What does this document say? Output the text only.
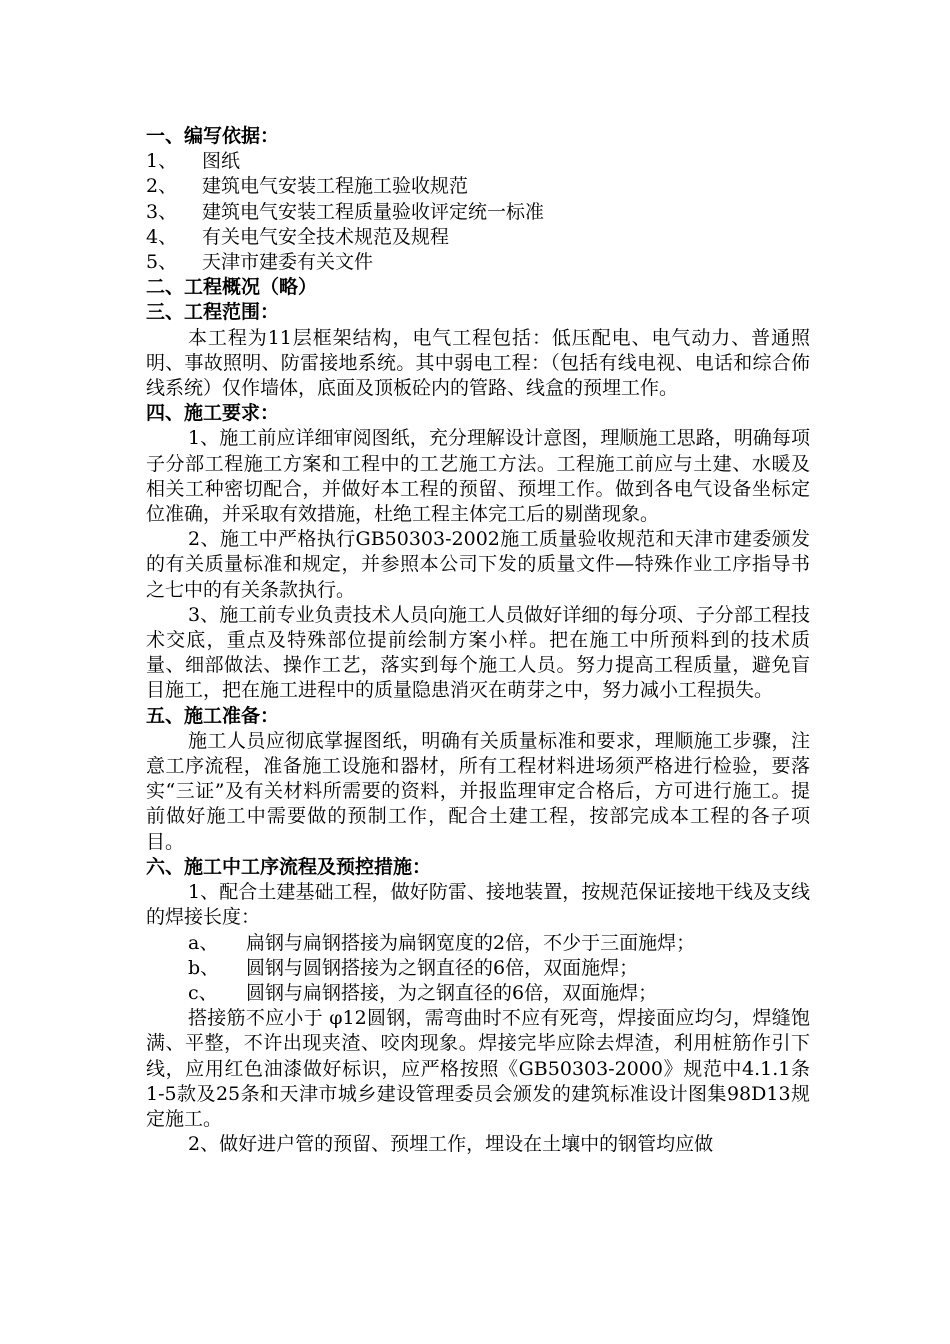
一、编写依据：

1、	图纸

2、	建筑电气安装工程施工验收规范

3、	建筑电气安装工程质量验收评定统一标准

4、	有关电气安全技术规范及规程

5、	天津市建委有关文件

二、工程概况（略）

三、工程范围：

本工程为11层框架结构，电气工程包括：低压配电、电气动力、普通照明、事故照明、防雷接地系统。其中弱电工程：（包括有线电视、电话和综合佈线系统）仅作墙体，底面及顶板砼内的管路、线盒的预埋工作。

四、施工要求：

1、施工前应详细审阅图纸，充分理解设计意图，理顺施工思路，明确每项子分部工程施工方案和工程中的工艺施工方法。工程施工前应与土建、水暖及相关工种密切配合，并做好本工程的预留、预埋工作。做到各电气设备坐标定位准确，并采取有效措施，杜绝工程主体完工后的剔凿现象。

2、施工中严格执行GB50303-2002施工质量验收规范和天津市建委颁发的有关质量标准和规定，并参照本公司下发的质量文件—特殊作业工序指导书之七中的有关条款执行。

3、施工前专业负责技术人员向施工人员做好详细的每分项、子分部工程技术交底，重点及特殊部位提前绘制方案小样。把在施工中所预料到的技术质量、细部做法、操作工艺，落实到每个施工人员。努力提高工程质量，避免盲目施工，把在施工进程中的质量隐患消灭在萌芽之中，努力减小工程损失。

五、施工准备：

施工人员应彻底掌握图纸，明确有关质量标准和要求，理顺施工步骤，注意工序流程，准备施工设施和器材，所有工程材料进场须严格进行检验，要落实“三证”及有关材料所需要的资料，并报监理审定合格后，方可进行施工。提前做好施工中需要做的预制工作，配合土建工程，按部完成本工程的各子项目。

六、施工中工序流程及预控措施：

1、配合土建基础工程，做好防雷、接地装置，按规范保证接地干线及支线的焊接长度：

a、	扁钢与扁钢搭接为扁钢宽度的2倍，不少于三面施焊；

b、	圆钢与圆钢搭接为之钢直径的6倍，双面施焊；

c、	圆钢与扁钢搭接，为之钢直径的6倍，双面施焊；

搭接筋不应小于 φ12圆钢，需弯曲时不应有死弯，焊接面应均匀，焊缝饱满、平整，不许出现夹渣、咬肉现象。焊接完毕应除去焊渣，利用桩筋作引下线，应用红色油漆做好标识，应严格按照《GB50303-2000》规范中4.1.1条1-5款及25条和天津市城乡建设管理委员会颁发的建筑标准设计图集98D13规定施工。

2、做好进户管的预留、预埋工作，埋设在土壤中的钢管均应做
